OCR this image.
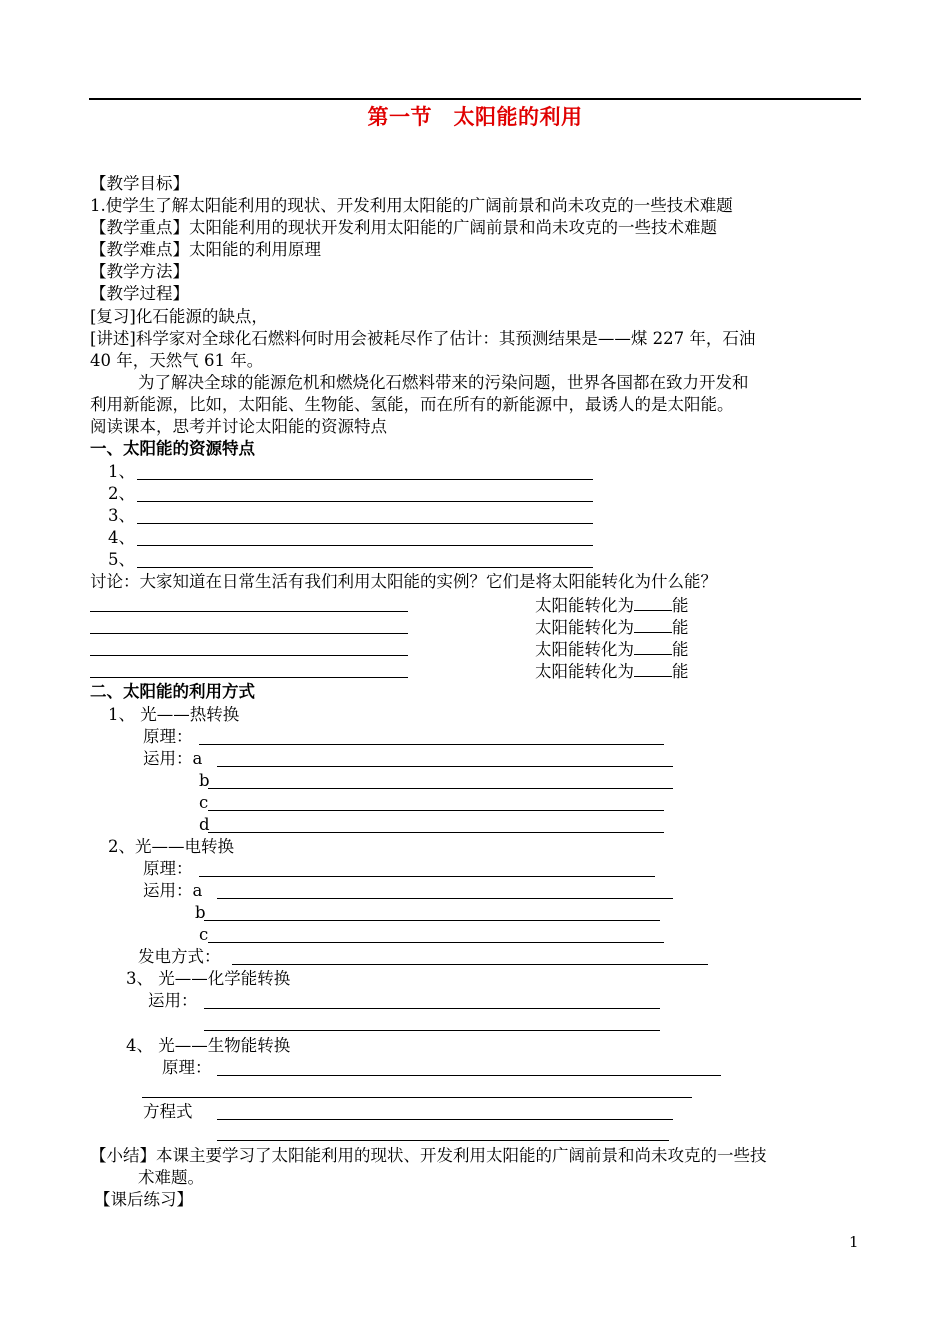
第一节　太阳能的利用
【教学目标】
1.使学生了解太阳能利用的现状、开发利用太阳能的广阔前景和尚未攻克的一些技术难题
【教学重点】太阳能利用的现状开发利用太阳能的广阔前景和尚未攻克的一些技术难题
【教学难点】太阳能的利用原理
【教学方法】
【教学过程】
[复习]化石能源的缺点，
[讲述]科学家对全球化石燃料何时用会被耗尽作了估计：其预测结果是——煤 227 年，石油
40 年，天然气 61 年。
为了解决全球的能源危机和燃烧化石燃料带来的污染问题，世界各国都在致力开发和
利用新能源，比如，太阳能、生物能、氢能，而在所有的新能源中，最诱人的是太阳能。
阅读课本，思考并讨论太阳能的资源特点
一、太阳能的资源特点
1、
2、
3、
4、
5、
讨论：大家知道在日常生活有我们利用太阳能的实例？它们是将太阳能转化为什么能？
太阳能转化为 能
太阳能转化为 能
太阳能转化为 能
太阳能转化为 能
二、太阳能的利用方式
1、 光——热转换
原理：
运用：a
b
c
d
2、光——电转换
原理：
运用：a
b
c
发电方式：
3、 光——化学能转换
运用：
4、 光——生物能转换
原理：
方程式
【小结】本课主要学习了太阳能利用的现状、开发利用太阳能的广阔前景和尚未攻克的一些技
术难题。
【课后练习】
1
